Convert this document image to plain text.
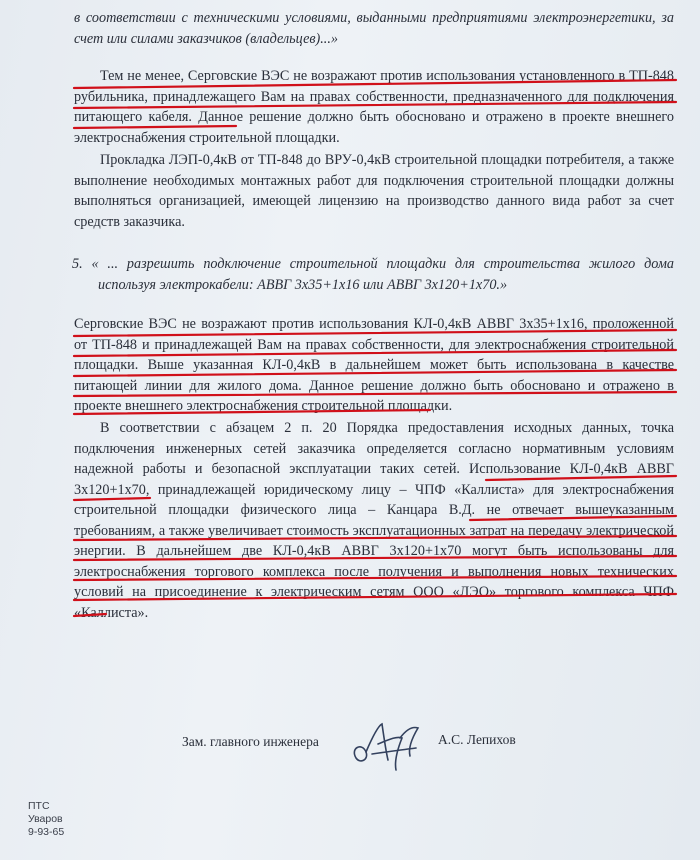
в соответствии с техническими условиями, выданными предприятиями электроэнергетики, за счет или силами заказчиков (владельцев)...»

Тем не менее, Серговские ВЭС не возражают против использования установленного в ТП-848 рубильника, принадлежащего Вам на правах собственности, предназначенного для подключения питающего кабеля. Данное решение должно быть обосновано и отражено в проекте внешнего электроснабжения строительной площадки.

Прокладка ЛЭП-0,4кВ от ТП-848 до ВРУ-0,4кВ строительной площадки потребителя, а также выполнение необходимых монтажных работ для подключения строительной площадки должны выполняться организацией, имеющей лицензию на производство данного вида работ за счет средств заказчика.

5. « ... разрешить подключение строительной площадки для строительства жилого дома используя электрокабели: АВВГ 3х35+1х16 или АВВГ 3х120+1х70.»

Серговские ВЭС не возражают против использования КЛ-0,4кВ АВВГ 3х35+1х16, проложенной от ТП-848 и принадлежащей Вам на правах собственности, для электроснабжения строительной площадки. Выше указанная КЛ-0,4кВ в дальнейшем может быть использована в качестве питающей линии для жилого дома. Данное решение должно быть обосновано и отражено в проекте внешнего электроснабжения строительной площадки.

В соответствии с абзацем 2 п. 20 Порядка предоставления исходных данных, точка подключения инженерных сетей заказчика определяется согласно нормативным условиям надежной работы и безопасной эксплуатации таких сетей. Использование КЛ-0,4кВ АВВГ 3х120+1х70, принадлежащей юридическому лицу – ЧПФ «Каллиста» для электроснабжения строительной площадки физического лица – Канцара В.Д. не отвечает вышеуказанным требованиям, а также увеличивает стоимость эксплуатационных затрат на передачу электрической энергии. В дальнейшем две КЛ-0,4кВ АВВГ 3х120+1х70 могут быть использованы для электроснабжения торгового комплекса после получения и выполнения новых технических условий на присоединение к электрическим сетям ООО «ЛЭО» торгового комплекса ЧПФ «Каллиста».

Зам. главного инженера	А.С. Лепихов
ПТС
Уваров
9-93-65
